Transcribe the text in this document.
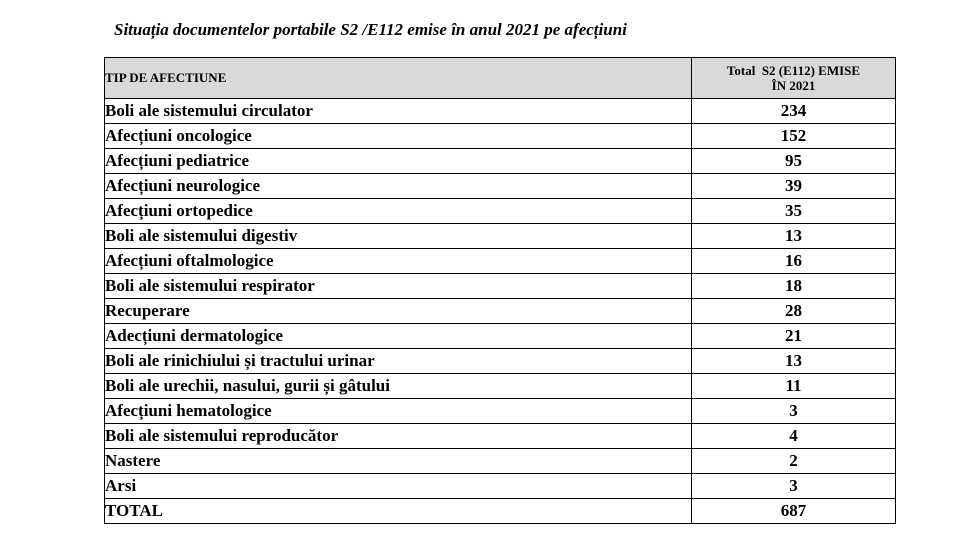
Situația documentelor portabile S2 /E112 emise în anul 2021 pe afecțiuni
TIP DE AFECTIUNE	Total  S2 (E112) EMISE
ÎN 2021

Boli ale sistemului circulator	234
Afecțiuni oncologice	152
Afecțiuni pediatrice	95
Afecțiuni neurologice	39
Afecțiuni ortopedice	35
Boli ale sistemului digestiv	13
Afecțiuni oftalmologice	16
Boli ale sistemului respirator	18
Recuperare	28
Adecțiuni dermatologice	21
Boli ale rinichiului și tractului urinar	13
Boli ale urechii, nasului, gurii și gâtului	11
Afecțiuni hematologice	3
Boli ale sistemului reproducător	4
Nastere	2
Arsi	3
TOTAL	687
